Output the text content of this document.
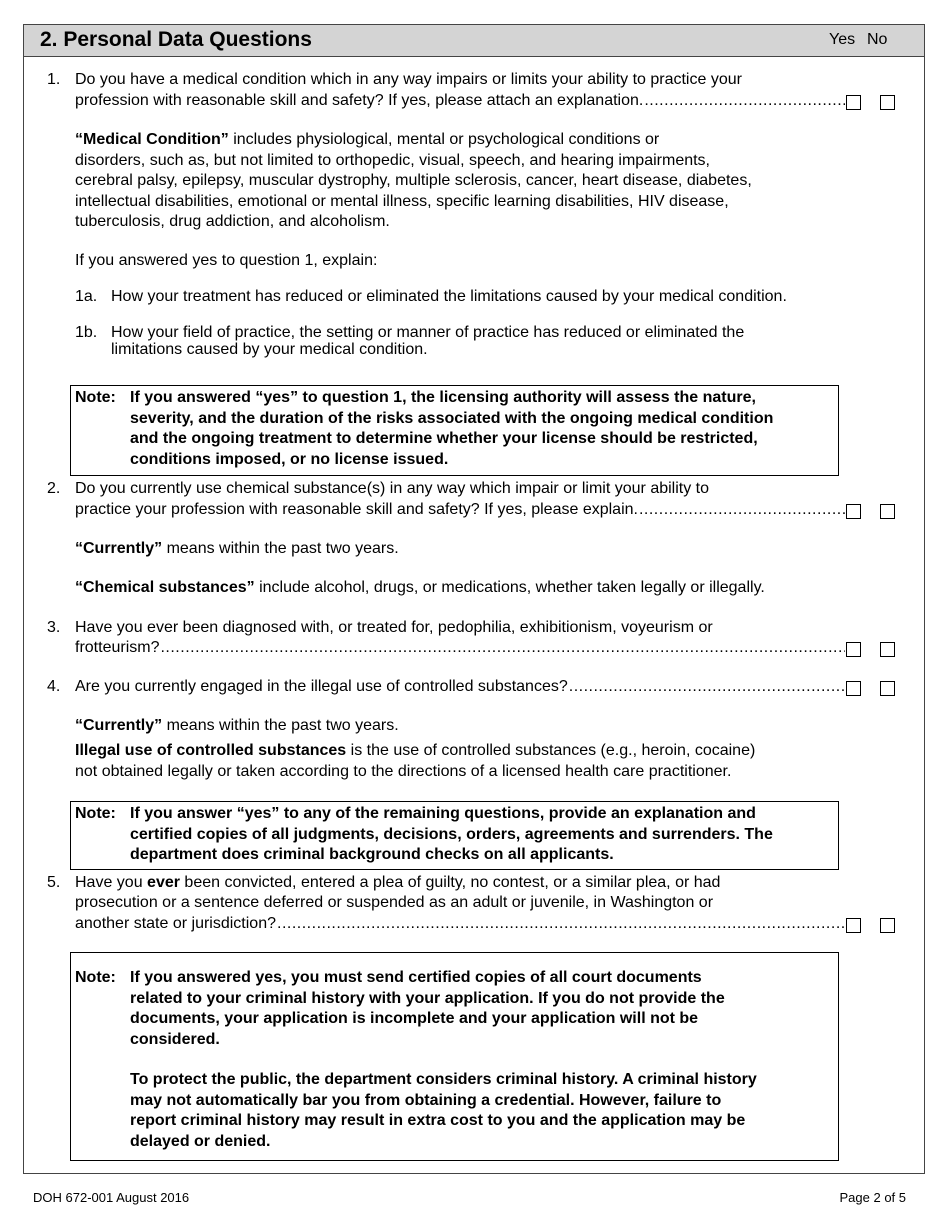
2. Personal Data Questions	Yes No
1. Do you have a medical condition which in any way impairs or limits your ability to practice your
profession with reasonable skill and safety? If yes, please attach an explanation.
.....
“Medical Condition” includes physiological, mental or psychological conditions or
disorders, such as, but not limited to orthopedic, visual, speech, and hearing impairments,
cerebral palsy, epilepsy, muscular dystrophy, multiple sclerosis, cancer, heart disease, diabetes,
intellectual disabilities, emotional or mental illness, specific learning disabilities, HIV disease,
tuberculosis, drug addiction, and alcoholism.
If you answered yes to question 1, explain:
1a. How your treatment has reduced or eliminated the limitations caused by your medical condition.
1b. How your field of practice, the setting or manner of practice has reduced or eliminated the
limitations caused by your medical condition.
Note: If you answered “yes” to question 1, the licensing authority will assess the nature,
severity, and the duration of the risks associated with the ongoing medical condition
and the ongoing treatment to determine whether your license should be restricted,
conditions imposed, or no license issued.
2. Do you currently use chemical substance(s) in any way which impair or limit your ability to
practice your profession with reasonable skill and safety? If yes, please explain.
.....
“Currently” means within the past two years.
“Chemical substances” include alcohol, drugs, or medications, whether taken legally or illegally.
3. Have you ever been diagnosed with, or treated for, pedophilia, exhibitionism, voyeurism or
frotteurism?
.....
4. Are you currently engaged in the illegal use of controlled substances?
.....
“Currently” means within the past two years.
Illegal use of controlled substances is the use of controlled substances (e.g., heroin, cocaine)
not obtained legally or taken according to the directions of a licensed health care practitioner.
Note: If you answer “yes” to any of the remaining questions, provide an explanation and
certified copies of all judgments, decisions, orders, agreements and surrenders. The
department does criminal background checks on all applicants.
5. Have you ever been convicted, entered a plea of guilty, no contest, or a similar plea, or had
prosecution or a sentence deferred or suspended as an adult or juvenile, in Washington or
another state or jurisdiction?
.....
Note: If you answered yes, you must send certified copies of all court documents
related to your criminal history with your application. If you do not provide the
documents, your application is incomplete and your application will not be
considered.
To protect the public, the department considers criminal history. A criminal history
may not automatically bar you from obtaining a credential. However, failure to
report criminal history may result in extra cost to you and the application may be
delayed or denied.
DOH 672-001 August 2016	Page 2 of 5
